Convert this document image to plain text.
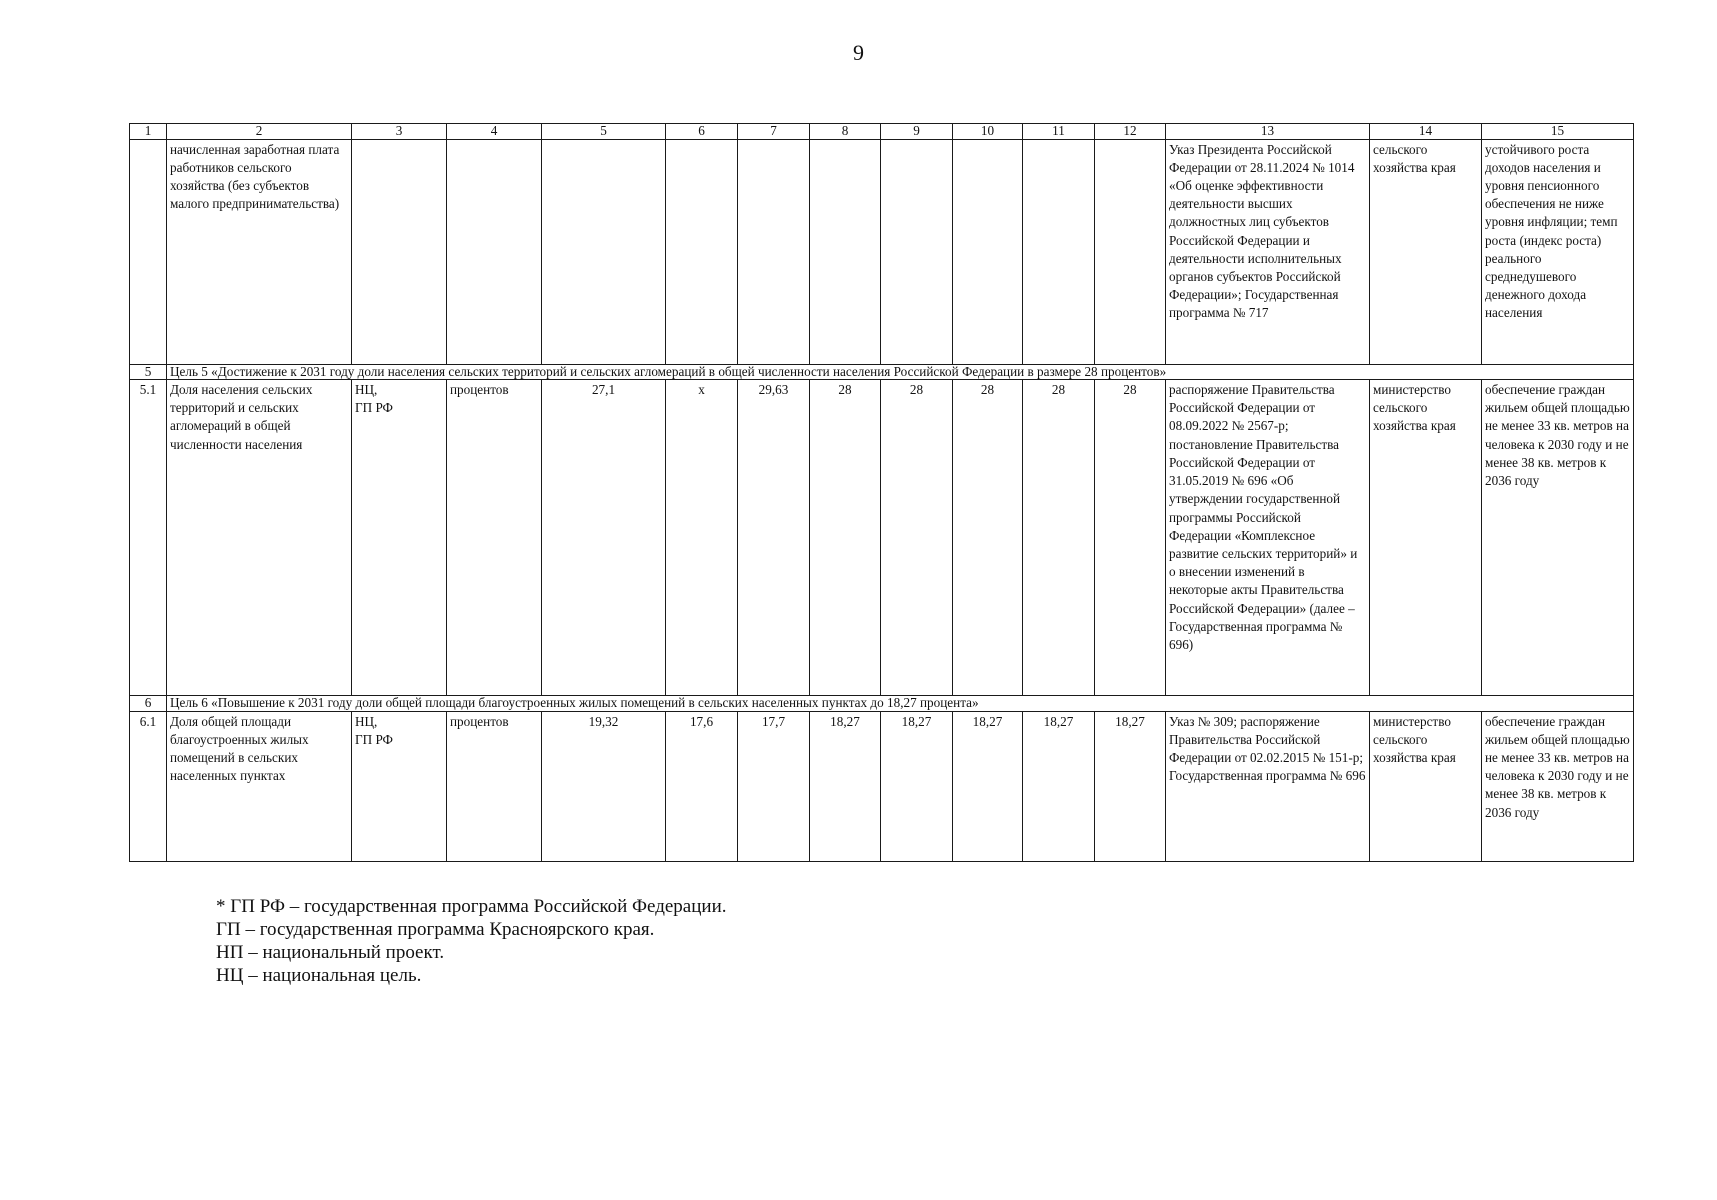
9
1	2	3	4	5	6	7	8	9	10	11	12	13	14	15
	начисленная заработная плата работников сельского хозяйства (без субъектов малого предпринимательства)											Указ Президента Российской Федерации от 28.11.2024 № 1014 «Об оценке эффективности деятельности высших должностных лиц субъектов Российской Федерации и деятельности исполнительных органов субъектов Российской Федерации»; Государственная программа № 717	сельского хозяйства края	устойчивого роста доходов населения и уровня пенсионного обеспечения не ниже уровня инфляции; темп роста (индекс роста) реального среднедушевого денежного дохода населения
5	Цель 5 «Достижение к 2031 году доли населения сельских территорий и сельских агломераций в общей численности населения Российской Федерации в размере 28 процентов»													
5.1	Доля населения сельских территорий и сельских агломераций в общей численности населения	НЦ,
ГП РФ	процентов	27,1	х	29,63	28	28	28	28	28	распоряжение Правительства Российской Федерации от 08.09.2022 № 2567-р; постановление Правительства Российской Федерации от 31.05.2019 № 696 «Об утверждении государственной программы Российской Федерации «Комплексное развитие сельских территорий» и о внесении изменений в некоторые акты Правительства Российской Федерации» (далее – Государственная программа № 696)	министерство сельского хозяйства края	обеспечение граждан жильем общей площадью не менее 33 кв. метров на человека к 2030 году и не менее 38 кв. метров к 2036 году
6	Цель 6 «Повышение к 2031 году доли общей площади благоустроенных жилых помещений в сельских населенных пунктах до 18,27 процента»													
6.1	Доля общей площади благоустроенных жилых помещений в сельских населенных пунктах	НЦ,
ГП РФ	процентов	19,32	17,6	17,7	18,27	18,27	18,27	18,27	18,27	Указ № 309; распоряжение Правительства Российской Федерации от 02.02.2015 № 151-р; Государственная программа № 696	министерство сельского хозяйства края	обеспечение граждан жильем общей площадью не менее 33 кв. метров на человека к 2030 году и не менее 38 кв. метров к 2036 году
* ГП РФ – государственная программа Российской Федерации.
ГП – государственная программа Красноярского края.
НП – национальный проект.
НЦ – национальная цель.
